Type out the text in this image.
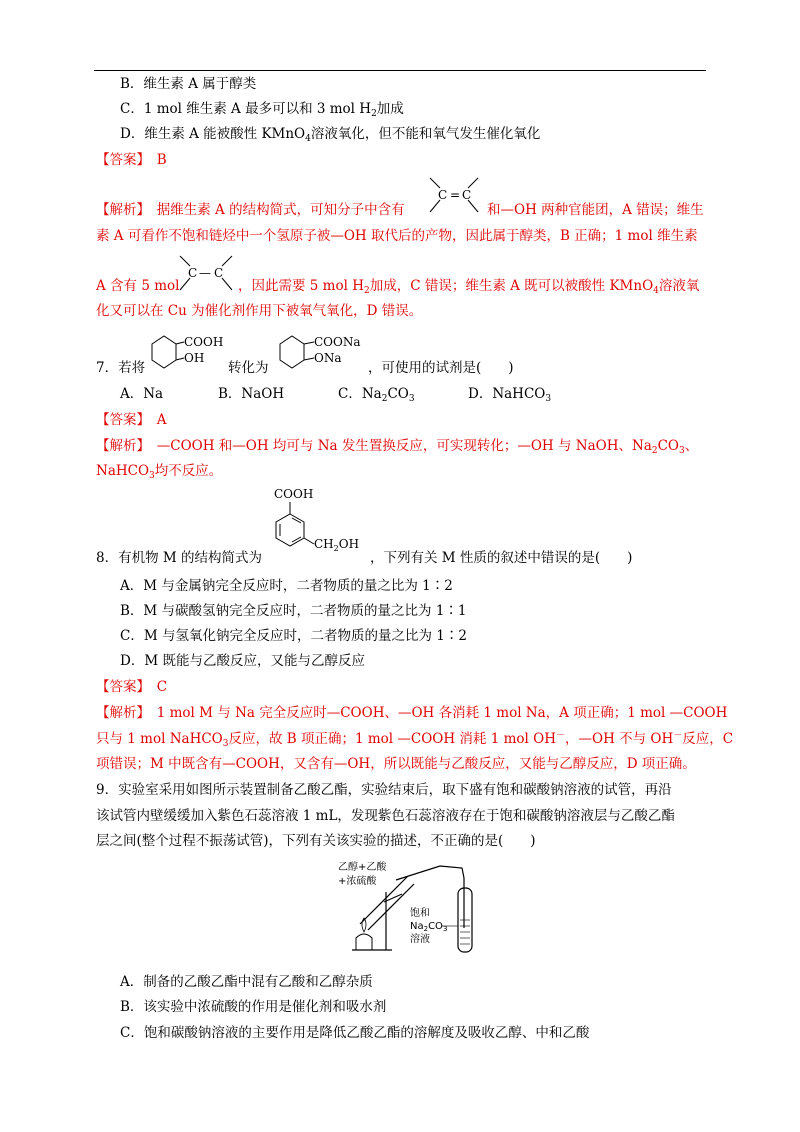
B．维生素 A 属于醇类
C．1 mol 维生素 A 最多可以和 3 mol $H_2$加成
D．维生素 A 能被酸性 KMnO$_4$溶液氧化，但不能和氧气发生催化氧化
【答案】　 B
C = C
【解析】　 据维生素 A 的结构简式，可知分子中含有	和—OH 两种官能团，A 错误；维生
素 A 可看作不饱和链烃中一个氢原子被—OH 取代后的产物，因此属于醇类，B 正确；1 mol 维生素
C — C
A 含有 5 mol	，因此需要 5 mol $H_2$加成，C 错误；维生素 A 既可以被酸性 KMnO$_4$溶液氧
化又可以在 Cu 为催化剂作用下被氧气氧化，D 错误。
COOH
OH
COONa
ONa
7．若将	转化为	，可使用的试剂是(　　)
A．Na	B．NaOH	C．$Na_2CO_3$	D．NaHCO$_3$
【答案】　 A
【解析】　 —COOH 和—OH 均可与 Na 发生置换反应，可实现转化；—OH 与 NaOH、$Na_2CO_3$、
NaHCO$_3$均不反应。
COOH
$CH_2OH$
8．有机物 M 的结构简式为	，下列有关 M 性质的叙述中错误的是(　　)
A．M 与金属钠完全反应时，二者物质的量之比为 1∶2
B．M 与碳酸氢钠完全反应时，二者物质的量之比为 1∶1
C．M 与氢氧化钠完全反应时，二者物质的量之比为 1∶2
D．M 既能与乙酸反应，又能与乙醇反应
【答案】　 C
【解析】　 1 mol M 与 Na 完全反应时—COOH、—OH 各消耗 1 mol Na，A 项正确；1 mol —COOH
只与 1 mol NaHCO$_3$反应，故 B 项正确；1 mol —COOH 消耗 1 mol OH－，—OH 不与 OH－反应，C
项错误；M 中既含有—COOH，又含有—OH，所以既能与乙酸反应，又能与乙醇反应，D 项正确。
9．实验室采用如图所示装置制备乙酸乙酯，实验结束后，取下盛有饱和碳酸钠溶液的试管，再沿
该试管内壁缓缓加入紫色石蕊溶液 1 mL，发现紫色石蕊溶液存在于饱和碳酸钠溶液层与乙酸乙酯
层之间(整个过程不振荡试管)，下列有关该实验的描述，不正确的是(　　)
乙醇+乙酸
+浓硫酸
饱和
$Na_2CO_3$
溶液
A．制备的乙酸乙酯中混有乙酸和乙醇杂质
B．该实验中浓硫酸的作用是催化剂和吸水剂
C．饱和碳酸钠溶液的主要作用是降低乙酸乙酯的溶解度及吸收乙醇、中和乙酸
